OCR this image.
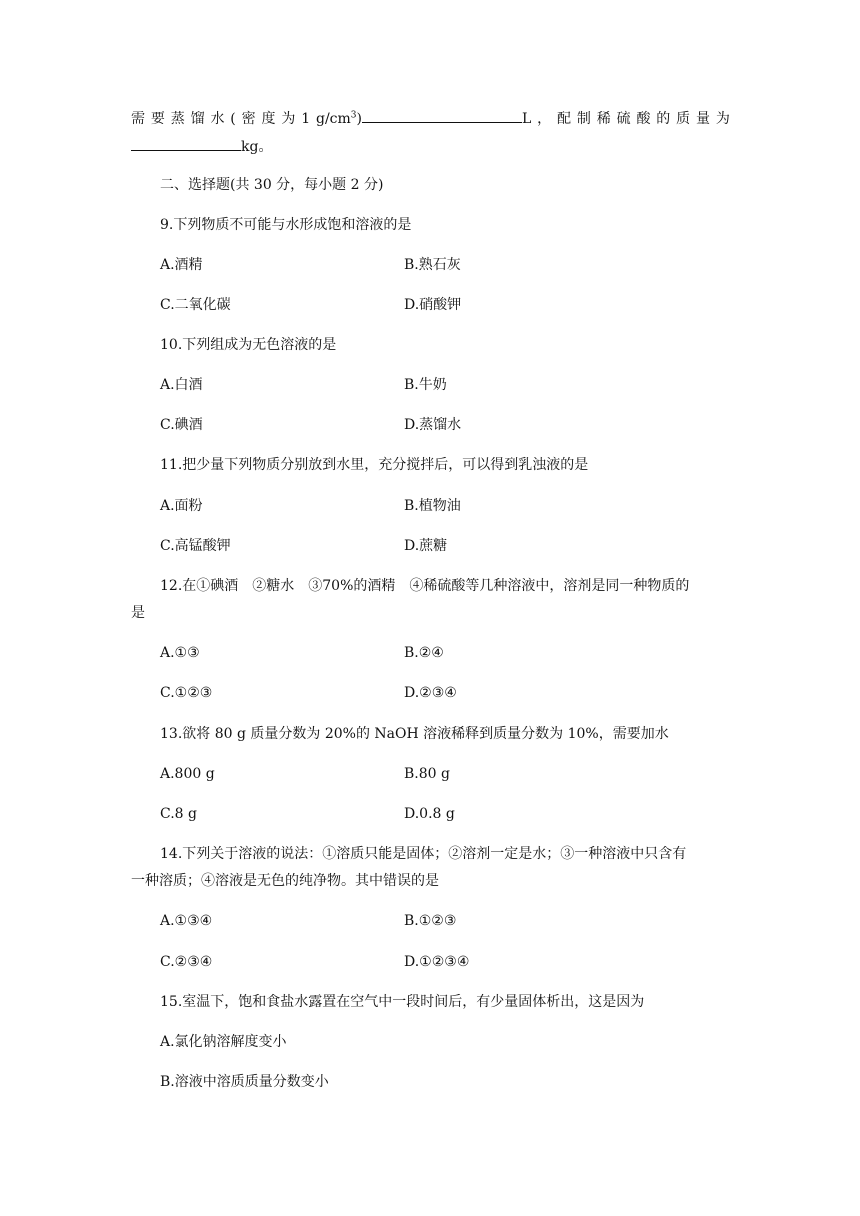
需 要 蒸 馏 水 ( 密 度 为 1 $g/cm^3$)	L ， 配 制 稀 硫 酸 的 质 量 为
kg。
二、选择题(共 30 分，每小题 2 分)
9.下列物质不可能与水形成饱和溶液的是
A.酒精	B.熟石灰
C.二氧化碳	D.硝酸钾
10.下列组成为无色溶液的是
A.白酒	B.牛奶
C.碘酒	D.蒸馏水
11.把少量下列物质分别放到水里，充分搅拌后，可以得到乳浊液的是
A.面粉	B.植物油
C.高锰酸钾	D.蔗糖
12.在①碘酒　②糖水　③70%的酒精　④稀硫酸等几种溶液中，溶剂是同一种物质的
是
A.①③	B.②④
C.①②③	D.②③④
13.欲将 80 g 质量分数为 20%的 NaOH 溶液稀释到质量分数为 10%，需要加水
A.800 g	B.80 g
C.8 g	D.0.8 g
14.下列关于溶液的说法：①溶质只能是固体；②溶剂一定是水；③一种溶液中只含有
一种溶质；④溶液是无色的纯净物。其中错误的是
A.①③④	B.①②③
C.②③④	D.①②③④
15.室温下，饱和食盐水露置在空气中一段时间后，有少量固体析出，这是因为
A.氯化钠溶解度变小
B.溶液中溶质质量分数变小
